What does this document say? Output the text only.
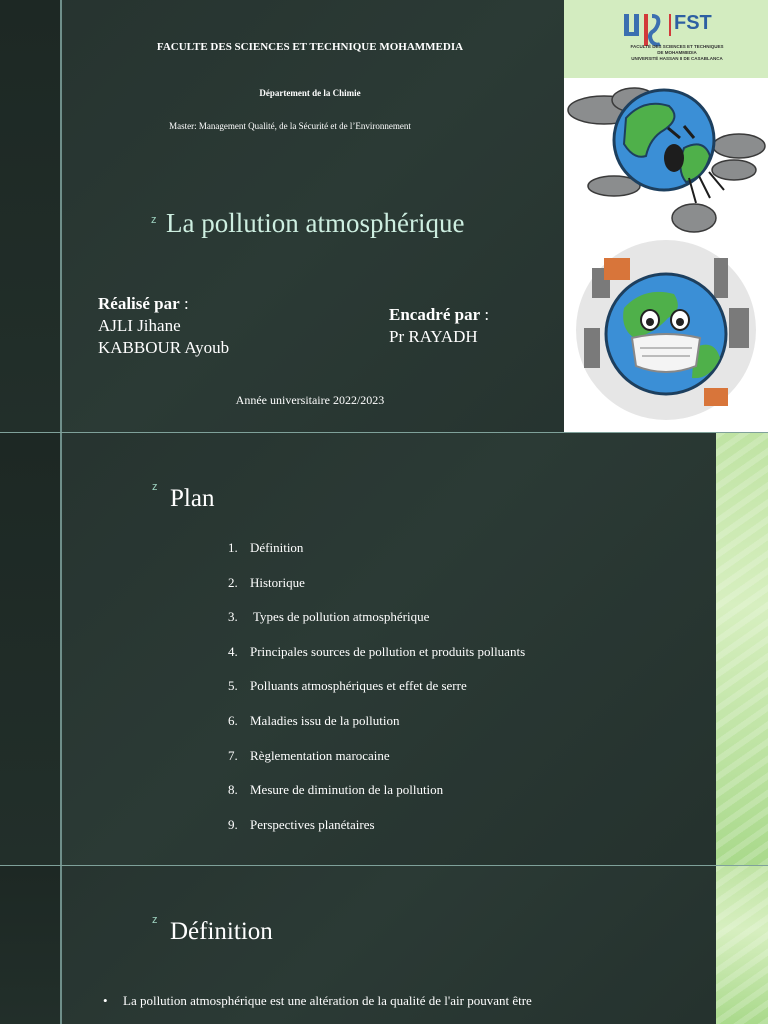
FACULTE DES SCIENCES ET TECHNIQUE MOHAMMEDIA
Département de la Chimie
Master: Management Qualité, de la Sécurité et de l’Environnement
z La pollution atmosphérique
Réalisé par :
AJLI Jihane
KABBOUR Ayoub
Encadré par :
Pr RAYADH
Année universitaire 2022/2023
FST
FACULTÉ DES SCIENCES ET TECHNIQUES
DE MOHAMMEDIA
UNIVERSITÉ HASSAN II DE CASABLANCA
z Plan
1. Définition
2. Historique
3. Types de pollution atmosphérique
4. Principales sources de pollution et produits polluants
5. Polluants atmosphériques et effet de serre
6. Maladies issu de la pollution
7. Règlementation marocaine
8. Mesure de diminution de la pollution
9. Perspectives planétaires
z Définition
• La pollution atmosphérique est une altération de la qualité de l'air pouvant être
